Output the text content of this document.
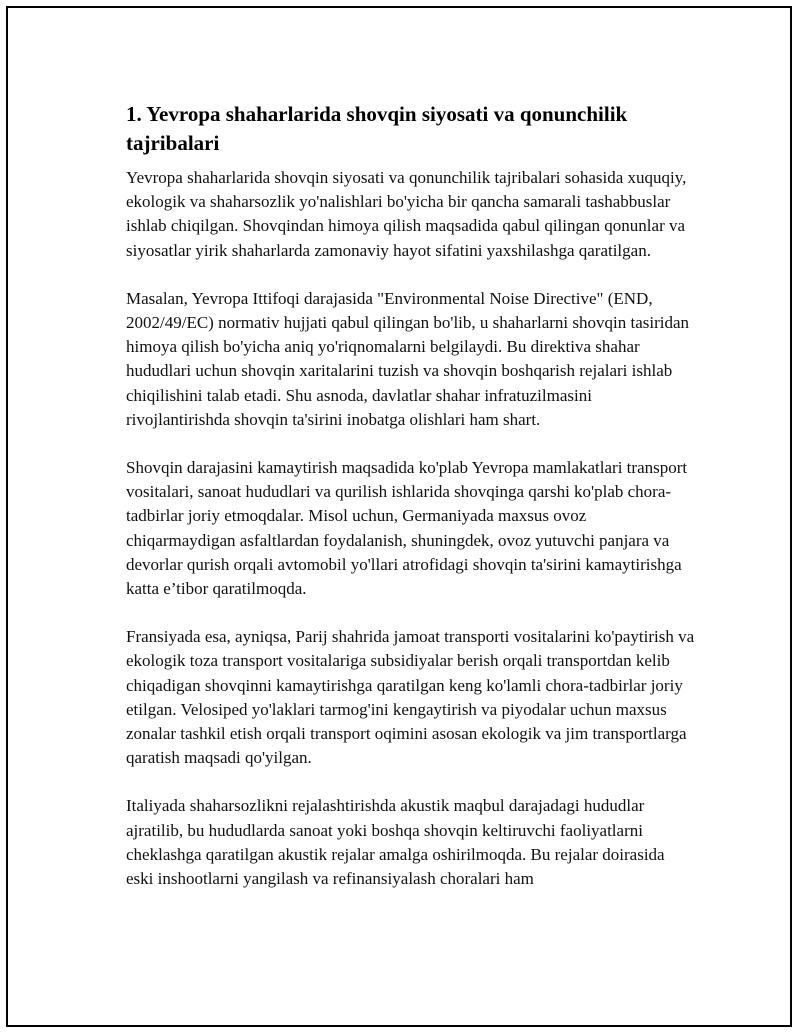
1. Yevropa shaharlarida shovqin siyosati va qonunchilik tajribalari

Yevropa shaharlarida shovqin siyosati va qonunchilik tajribalari sohasida xuquqiy, ekologik va shaharsozlik yo'nalishlari bo'yicha bir qancha samarali tashabbuslar ishlab chiqilgan. Shovqindan himoya qilish maqsadida qabul qilingan qonunlar va siyosatlar yirik shaharlarda zamonaviy hayot sifatini yaxshilashga qaratilgan.

Masalan, Yevropa Ittifoqi darajasida "Environmental Noise Directive" (END, 2002/49/EC) normativ hujjati qabul qilingan bo'lib, u shaharlarni shovqin tasiridan himoya qilish bo'yicha aniq yo'riqnomalarni belgilaydi. Bu direktiva shahar hududlari uchun shovqin xaritalarini tuzish va shovqin boshqarish rejalari ishlab chiqilishini talab etadi. Shu asnoda, davlatlar shahar infratuzilmasini rivojlantirishda shovqin ta'sirini inobatga olishlari ham shart.

Shovqin darajasini kamaytirish maqsadida ko'plab Yevropa mamlakatlari transport vositalari, sanoat hududlari va qurilish ishlarida shovqinga qarshi ko'plab chora-tadbirlar joriy etmoqdalar. Misol uchun, Germaniyada maxsus ovoz chiqarmaydigan asfaltlardan foydalanish, shuningdek, ovoz yutuvchi panjara va devorlar qurish orqali avtomobil yo'llari atrofidagi shovqin ta'sirini kamaytirishga katta e’tibor qaratilmoqda.

Fransiyada esa, ayniqsa, Parij shahrida jamoat transporti vositalarini ko'paytirish va ekologik toza transport vositalariga subsidiyalar berish orqali transportdan kelib chiqadigan shovqinni kamaytirishga qaratilgan keng ko'lamli chora-tadbirlar joriy etilgan. Velosiped yo'laklari tarmog'ini kengaytirish va piyodalar uchun maxsus zonalar tashkil etish orqali transport oqimini asosan ekologik va jim transportlarga qaratish maqsadi qo'yilgan.

Italiyada shaharsozlikni rejalashtirishda akustik maqbul darajadagi hududlar ajratilib, bu hududlarda sanoat yoki boshqa shovqin keltiruvchi faoliyatlarni cheklashga qaratilgan akustik rejalar amalga oshirilmoqda. Bu rejalar doirasida eski inshootlarni yangilash va refinansiyalash choralari ham
